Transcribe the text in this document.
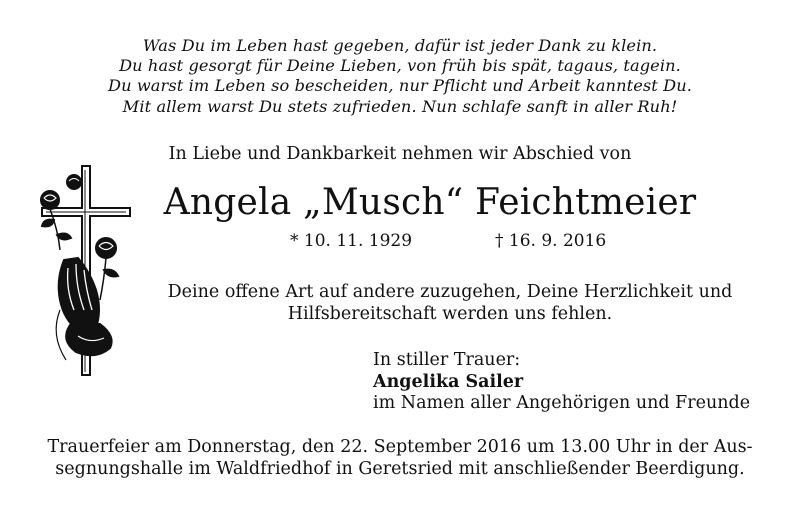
Was Du im Leben hast gegeben, dafür ist jeder Dank zu klein.
Du hast gesorgt für Deine Lieben, von früh bis spät, tagaus, tagein.
Du warst im Leben so bescheiden, nur Pflicht und Arbeit kanntest Du.
Mit allem warst Du stets zufrieden. Nun schlafe sanft in aller Ruh!
In Liebe und Dankbarkeit nehmen wir Abschied von
Angela „Musch“ Feichtmeier
* 10. 11. 1929	† 16. 9. 2016
Deine offene Art auf andere zuzugehen, Deine Herzlichkeit und
Hilfsbereitschaft werden uns fehlen.
In stiller Trauer:
Angelika Sailer
im Namen aller Angehörigen und Freunde
Trauerfeier am Donnerstag, den 22. September 2016 um 13.00 Uhr in der Aus-
segnungshalle im Waldfriedhof in Geretsried mit anschließender Beerdigung.
